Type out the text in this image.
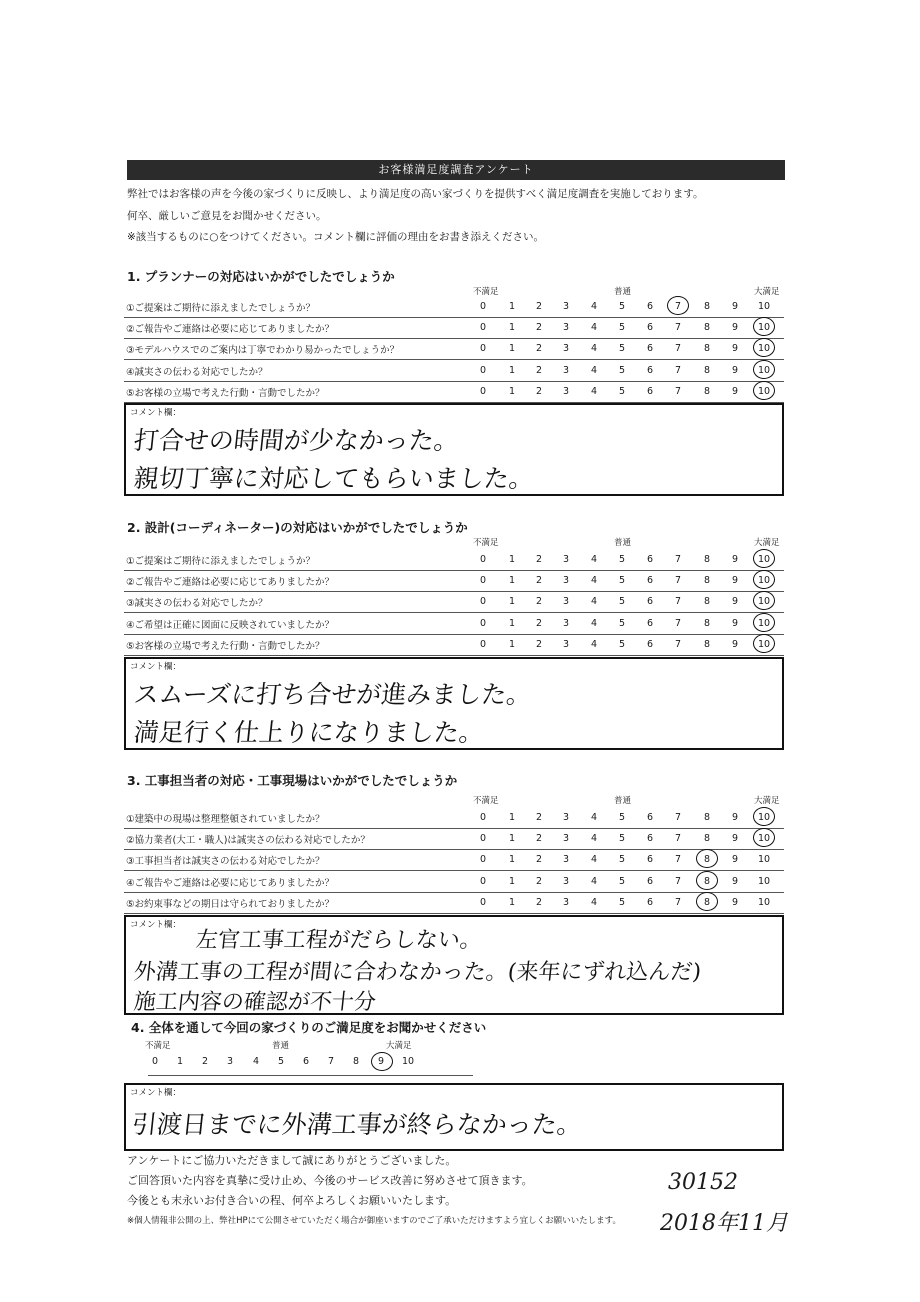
お客様満足度調査アンケート
弊社ではお客様の声を今後の家づくりに反映し、より満足度の高い家づくりを提供すべく満足度調査を実施しております。
何卒、厳しいご意見をお聞かせください。
※該当するものに○をつけてください。コメント欄に評価の理由をお書き添えください。
1. プランナーの対応はいかがでしたでしょうか
不満足	普通	大満足
①ご提案はご期待に添えましたでしょうか？	0	1	2	3	4	5	6	7	8	9	10
②ご報告やご連絡は必要に応じてありましたか？	0	1	2	3	4	5	6	7	8	9	10
③モデルハウスでのご案内は丁寧でわかり易かったでしょうか？	0	1	2	3	4	5	6	7	8	9	10
④誠実さの伝わる対応でしたか？	0	1	2	3	4	5	6	7	8	9	10
⑤お客様の立場で考えた行動・言動でしたか？	0	1	2	3	4	5	6	7	8	9	10
コメント欄：
打合せの時間が少なかった。
親切丁寧に対応してもらいました。
2. 設計(コーディネーター)の対応はいかがでしたでしょうか
不満足	普通	大満足
①ご提案はご期待に添えましたでしょうか？	0	1	2	3	4	5	6	7	8	9	10
②ご報告やご連絡は必要に応じてありましたか？	0	1	2	3	4	5	6	7	8	9	10
③誠実さの伝わる対応でしたか？	0	1	2	3	4	5	6	7	8	9	10
④ご希望は正確に図面に反映されていましたか？	0	1	2	3	4	5	6	7	8	9	10
⑤お客様の立場で考えた行動・言動でしたか？	0	1	2	3	4	5	6	7	8	9	10
コメント欄：
スムーズに打ち合せが進みました。
満足行く仕上りになりました。
3. 工事担当者の対応・工事現場はいかがでしたでしょうか
不満足	普通	大満足
①建築中の現場は整理整頓されていましたか？	0	1	2	3	4	5	6	7	8	9	10
②協力業者(大工・職人)は誠実さの伝わる対応でしたか？	0	1	2	3	4	5	6	7	8	9	10
③工事担当者は誠実さの伝わる対応でしたか？	0	1	2	3	4	5	6	7	8	9	10
④ご報告やご連絡は必要に応じてありましたか？	0	1	2	3	4	5	6	7	8	9	10
⑤お約束事などの期日は守られておりましたか？	0	1	2	3	4	5	6	7	8	9	10
コメント欄：
左官工事工程がだらしない。
外溝工事の工程が間に合わなかった。(来年にずれ込んだ)
施工内容の確認が不十分
4. 全体を通して今回の家づくりのご満足度をお聞かせください
不満足	普通	大満足
0	1	2	3	4	5	6	7	8	9	10
コメント欄：
引渡日までに外溝工事が終らなかった。
アンケートにご協力いただきまして誠にありがとうございました。
ご回答頂いた内容を真摯に受け止め、今後のサービス改善に努めさせて頂きます。
今後とも末永いお付き合いの程、何卒よろしくお願いいたします。
※個人情報非公開の上、弊社HPにて公開させていただく場合が御座いますのでご了承いただけますよう宜しくお願いいたします。
30152
2018年11月
